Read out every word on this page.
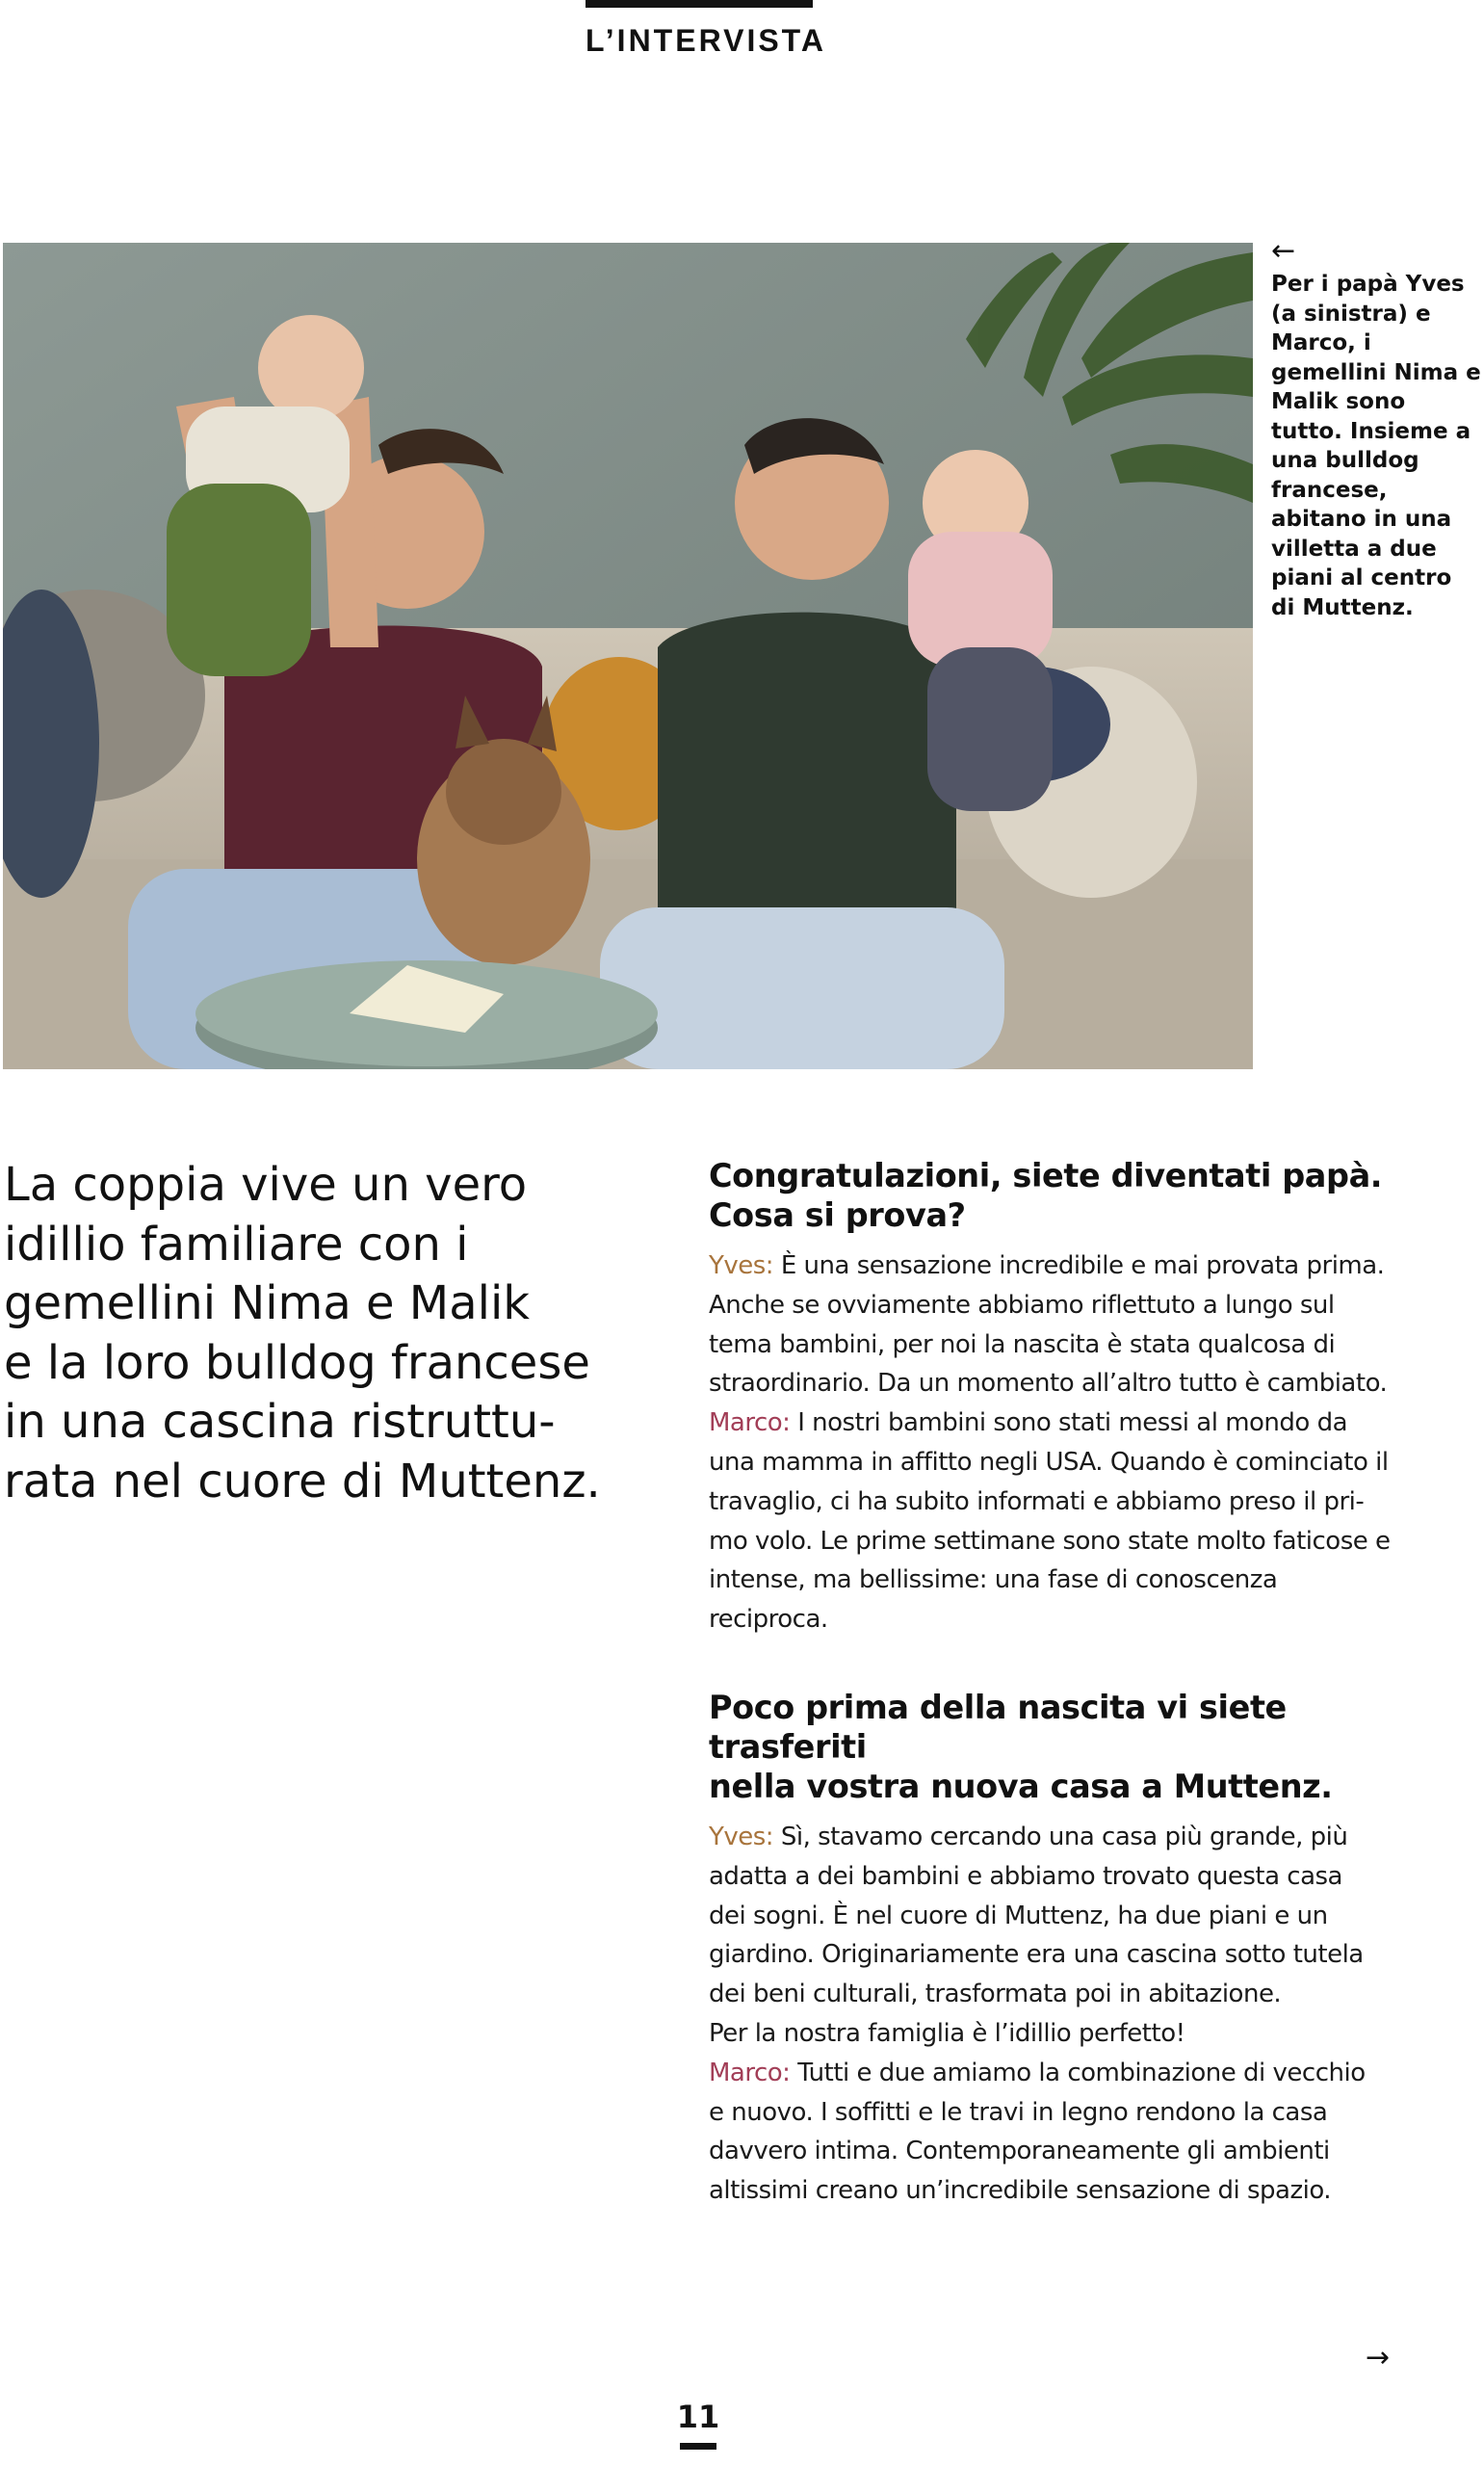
L’INTERVISTA
←
Per i papà Yves (a sinistra) e Marco, i gemellini Nima e Malik sono tutto. Insieme a una bulldog francese, abitano in una villetta a due piani al centro di Muttenz.
La coppia vive un vero
idillio familiare con i
gemellini Nima e Malik
e la loro bulldog francese
in una cascina ristruttu-
rata nel cuore di Muttenz.
Congratulazioni, siete diventati papà.
Cosa si prova?
Yves: È una sensazione incredibile e mai provata prima.
Anche se ovviamente abbiamo riflettuto a lungo sul
tema bambini, per noi la nascita è stata qualcosa di
straordinario. Da un momento all’altro tutto è cambiato.
Marco: I nostri bambini sono stati messi al mondo da
una mamma in affitto negli USA. Quando è cominciato il
travaglio, ci ha subito informati e abbiamo preso il pri-
mo volo. Le prime settimane sono state molto faticose e
intense, ma bellissime: una fase di conoscenza
reciproca.
Poco prima della nascita vi siete trasferiti
nella vostra nuova casa a Muttenz.
Yves: Sì, stavamo cercando una casa più grande, più
adatta a dei bambini e abbiamo trovato questa casa
dei sogni. È nel cuore di Muttenz, ha due piani e un
giardino. Originariamente era una cascina sotto tutela
dei beni culturali, trasformata poi in abitazione.
Per la nostra famiglia è l’idillio perfetto!
Marco: Tutti e due amiamo la combinazione di vecchio
e nuovo. I soffitti e le travi in legno rendono la casa
davvero intima. Contemporaneamente gli ambienti
altissimi creano un’incredibile sensazione di spazio.
→
11
